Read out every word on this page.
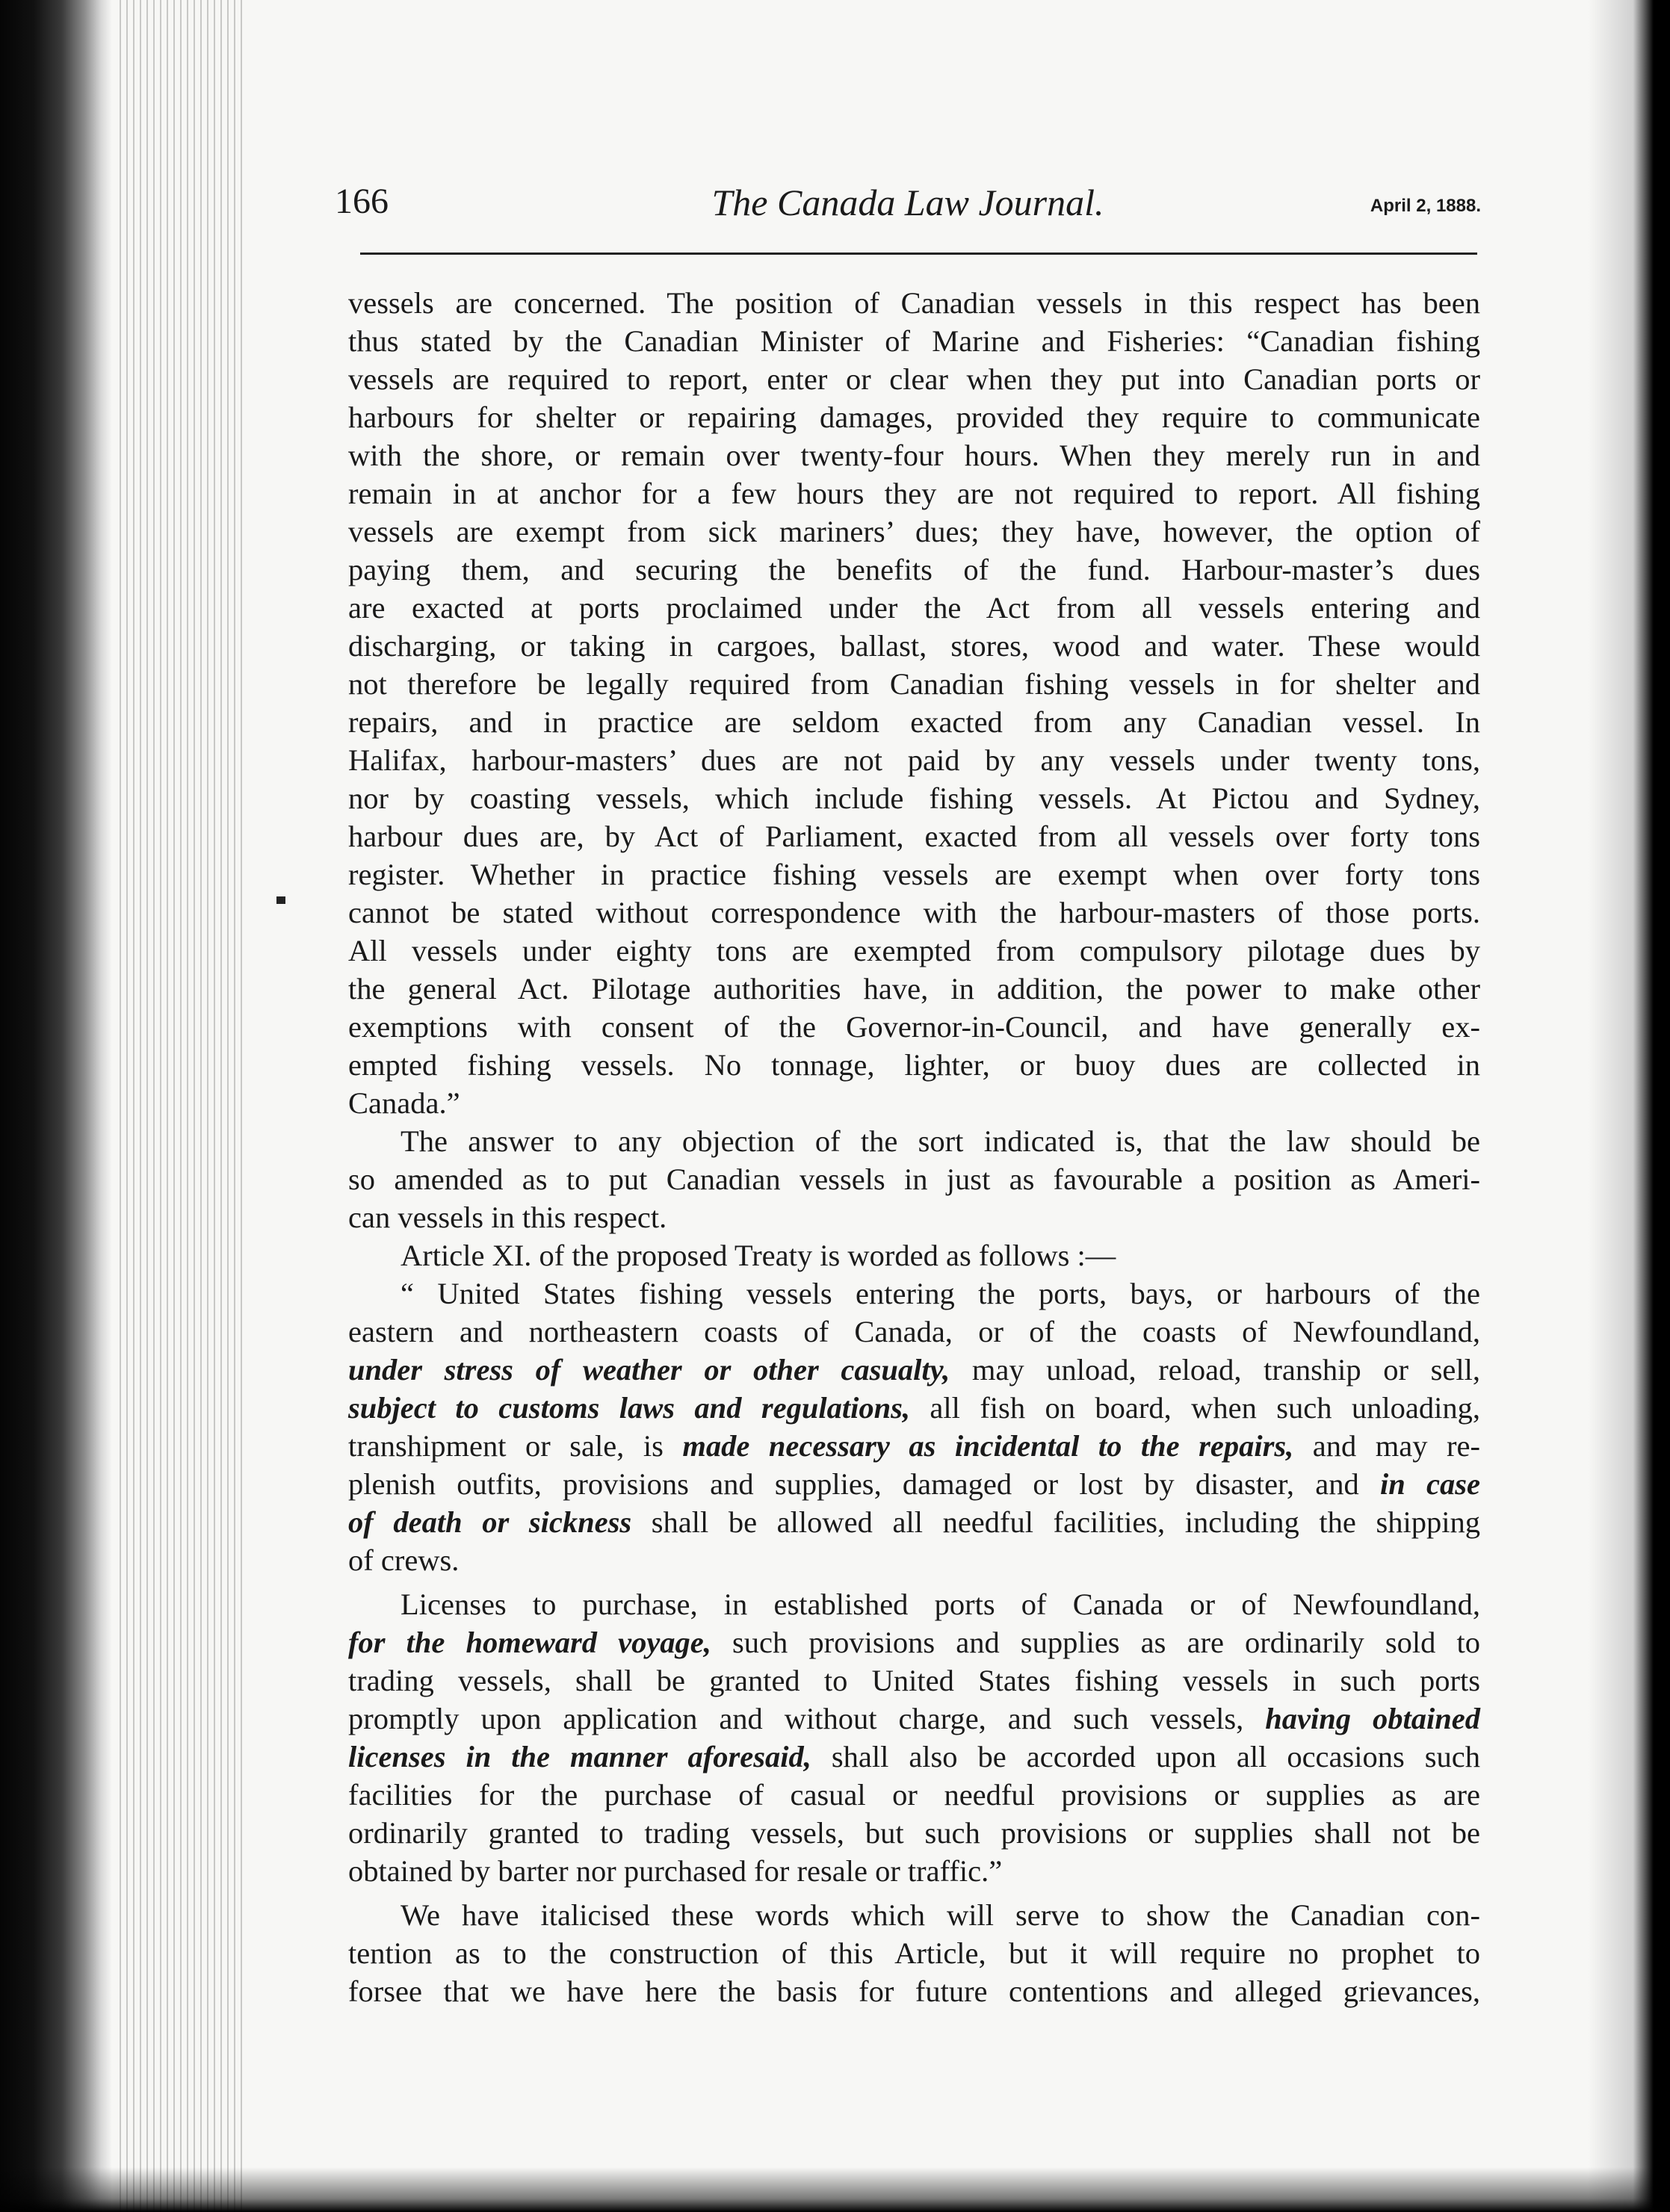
166	The Canada Law Journal.	April 2, 1888.
vessels are concerned. The position of Canadian vessels in this respect has been
thus stated by the Canadian Minister of Marine and Fisheries: “Canadian fishing
vessels are required to report, enter or clear when they put into Canadian ports or
harbours for shelter or repairing damages, provided they require to communicate
with the shore, or remain over twenty-four hours. When they merely run in and
remain in at anchor for a few hours they are not required to report. All fishing
vessels are exempt from sick mariners’ dues; they have, however, the option of
paying them, and securing the benefits of the fund. Harbour-master’s dues
are exacted at ports proclaimed under the Act from all vessels entering and
discharging, or taking in cargoes, ballast, stores, wood and water. These would
not therefore be legally required from Canadian fishing vessels in for shelter and
repairs, and in practice are seldom exacted from any Canadian vessel. In
Halifax, harbour-masters’ dues are not paid by any vessels under twenty tons,
nor by coasting vessels, which include fishing vessels. At Pictou and Sydney,
harbour dues are, by Act of Parliament, exacted from all vessels over forty tons
register. Whether in practice fishing vessels are exempt when over forty tons
cannot be stated without correspondence with the harbour-masters of those ports.
All vessels under eighty tons are exempted from compulsory pilotage dues by
the general Act. Pilotage authorities have, in addition, the power to make other
exemptions with consent of the Governor-in-Council, and have generally ex-
empted fishing vessels. No tonnage, lighter, or buoy dues are collected in
Canada.”
The answer to any objection of the sort indicated is, that the law should be
so amended as to put Canadian vessels in just as favourable a position as Ameri-
can vessels in this respect.
Article XI. of the proposed Treaty is worded as follows :—
“ United States fishing vessels entering the ports, bays, or harbours of the
eastern and northeastern coasts of Canada, or of the coasts of Newfoundland,
under stress of weather or other casualty, may unload, reload, tranship or sell,
subject to customs laws and regulations, all fish on board, when such unloading,
transhipment or sale, is made necessary as incidental to the repairs, and may re-
plenish outfits, provisions and supplies, damaged or lost by disaster, and in case
of death or sickness shall be allowed all needful facilities, including the shipping
of crews.
Licenses to purchase, in established ports of Canada or of Newfoundland,
for the homeward voyage, such provisions and supplies as are ordinarily sold to
trading vessels, shall be granted to United States fishing vessels in such ports
promptly upon application and without charge, and such vessels, having obtained
licenses in the manner aforesaid, shall also be accorded upon all occasions such
facilities for the purchase of casual or needful provisions or supplies as are
ordinarily granted to trading vessels, but such provisions or supplies shall not be
obtained by barter nor purchased for resale or traffic.”
We have italicised these words which will serve to show the Canadian con-
tention as to the construction of this Article, but it will require no prophet to
forsee that we have here the basis for future contentions and alleged grievances,
